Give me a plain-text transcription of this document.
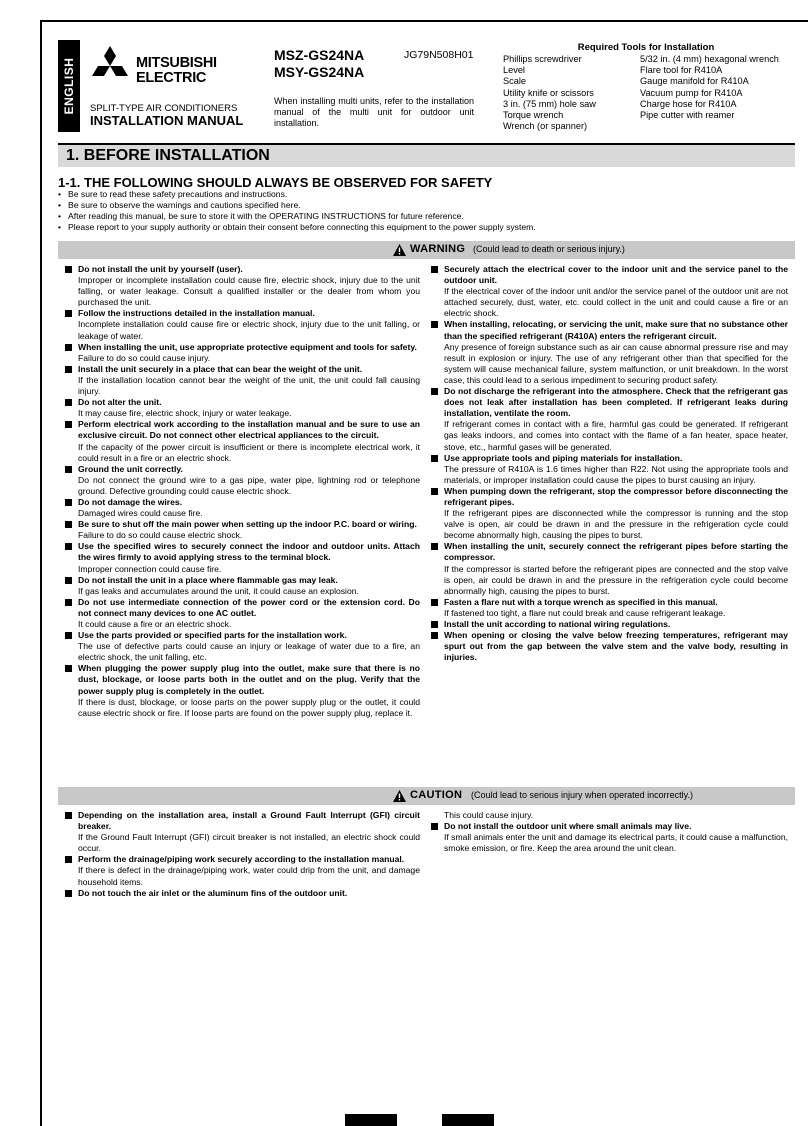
ENGLISH	MITSUBISHI
ELECTRIC
SPLIT-TYPE AIR CONDITIONERS
INSTALLATION MANUAL
MSZ-GS24NA
MSY-GS24NA
JG79N508H01
When installing multi units, refer to the installation manual of the multi unit for outdoor unit installation.
Required Tools for Installation
Phillips screwdriver	5/32 in. (4 mm) hexagonal wrench
Level	Flare tool for R410A
Scale	Gauge manifold for R410A
Utility knife or scissors	Vacuum pump for R410A
3 in. (75 mm) hole saw	Charge hose for R410A
Torque wrench	Pipe cutter with reamer
Wrench (or spanner)
1. BEFORE INSTALLATION
1-1. THE FOLLOWING SHOULD ALWAYS BE OBSERVED FOR SAFETY
• Be sure to read these safety precautions and instructions.
• Be sure to observe the warnings and cautions specified here.
• After reading this manual, be sure to store it with the OPERATING INSTRUCTIONS for future reference.
• Please report to your supply authority or obtain their consent before connecting this equipment to the power supply system.
WARNING (Could lead to death or serious injury.)
Do not install the unit by yourself (user).
Improper or incomplete installation could cause fire, electric shock, injury due to the unit falling, or water leakage. Consult a qualified installer or the dealer from whom you purchased the unit.
Follow the instructions detailed in the installation manual.
Incomplete installation could cause fire or electric shock, injury due to the unit falling, or leakage of water.
When installing the unit, use appropriate protective equipment and tools for safety.
Failure to do so could cause injury.
Install the unit securely in a place that can bear the weight of the unit.
If the installation location cannot bear the weight of the unit, the unit could fall causing injury.
Do not alter the unit.
It may cause fire, electric shock, injury or water leakage.
Perform electrical work according to the installation manual and be sure to use an exclusive circuit. Do not connect other electrical appliances to the circuit.
If the capacity of the power circuit is insufficient or there is incomplete electrical work, it could result in a fire or an electric shock.
Ground the unit correctly.
Do not connect the ground wire to a gas pipe, water pipe, lightning rod or telephone ground. Defective grounding could cause electric shock.
Do not damage the wires.
Damaged wires could cause fire.
Be sure to shut off the main power when setting up the indoor P.C. board or wiring.
Failure to do so could cause electric shock.
Use the specified wires to securely connect the indoor and outdoor units. Attach the wires firmly to avoid applying stress to the terminal block.
Improper connection could cause fire.
Do not install the unit in a place where flammable gas may leak.
If gas leaks and accumulates around the unit, it could cause an explosion.
Do not use intermediate connection of the power cord or the extension cord. Do not connect many devices to one AC outlet.
It could cause a fire or an electric shock.
Use the parts provided or specified parts for the installation work.
The use of defective parts could cause an injury or leakage of water due to a fire, an electric shock, the unit falling, etc.
When plugging the power supply plug into the outlet, make sure that there is no dust, blockage, or loose parts both in the outlet and on the plug. Verify that the power supply plug is completely in the outlet.
If there is dust, blockage, or loose parts on the power supply plug or the outlet, it could cause electric shock or fire. If loose parts are found on the power supply plug, replace it.
Securely attach the electrical cover to the indoor unit and the service panel to the outdoor unit.
If the electrical cover of the indoor unit and/or the service panel of the outdoor unit are not attached securely, dust, water, etc. could collect in the unit and could cause a fire or an electric shock.
When installing, relocating, or servicing the unit, make sure that no substance other than the specified refrigerant (R410A) enters the refrigerant circuit.
Any presence of foreign substance such as air can cause abnormal pressure rise and may result in explosion or injury. The use of any refrigerant other than that specified for the system will cause mechanical failure, system malfunction, or unit breakdown. In the worst case, this could lead to a serious impediment to securing product safety.
Do not discharge the refrigerant into the atmosphere. Check that the refrigerant gas does not leak after installation has been completed. If refrigerant leaks during installation, ventilate the room.
If refrigerant comes in contact with a fire, harmful gas could be generated. If refrigerant gas leaks indoors, and comes into contact with the flame of a fan heater, space heater, stove, etc., harmful gases will be generated.
Use appropriate tools and piping materials for installation.
The pressure of R410A is 1.6 times higher than R22. Not using the appropriate tools and materials, or improper installation could cause the pipes to burst causing an injury.
When pumping down the refrigerant, stop the compressor before disconnecting the refrigerant pipes.
If the refrigerant pipes are disconnected while the compressor is running and the stop valve is open, air could be drawn in and the pressure in the refrigeration cycle could become abnormally high, causing the pipes to burst.
When installing the unit, securely connect the refrigerant pipes before starting the compressor.
If the compressor is started before the refrigerant pipes are connected and the stop valve is open, air could be drawn in and the pressure in the refrigeration cycle could become abnormally high, causing the pipes to burst.
Fasten a flare nut with a torque wrench as specified in this manual.
If fastened too tight, a flare nut could break and cause refrigerant leakage.
Install the unit according to national wiring regulations.
When opening or closing the valve below freezing temperatures, refrigerant may spurt out from the gap between the valve stem and the valve body, resulting in injuries.
CAUTION (Could lead to serious injury when operated incorrectly.)
Depending on the installation area, install a Ground Fault Interrupt (GFI) circuit breaker.
If the Ground Fault Interrupt (GFI) circuit breaker is not installed, an electric shock could occur.
Perform the drainage/piping work securely according to the installation manual.
If there is defect in the drainage/piping work, water could drip from the unit, and damage household items.
Do not touch the air inlet or the aluminum fins of the outdoor unit.
This could cause injury.
Do not install the outdoor unit where small animals may live.
If small animals enter the unit and damage its electrical parts, it could cause a malfunction, smoke emission, or fire. Keep the area around the unit clean.
